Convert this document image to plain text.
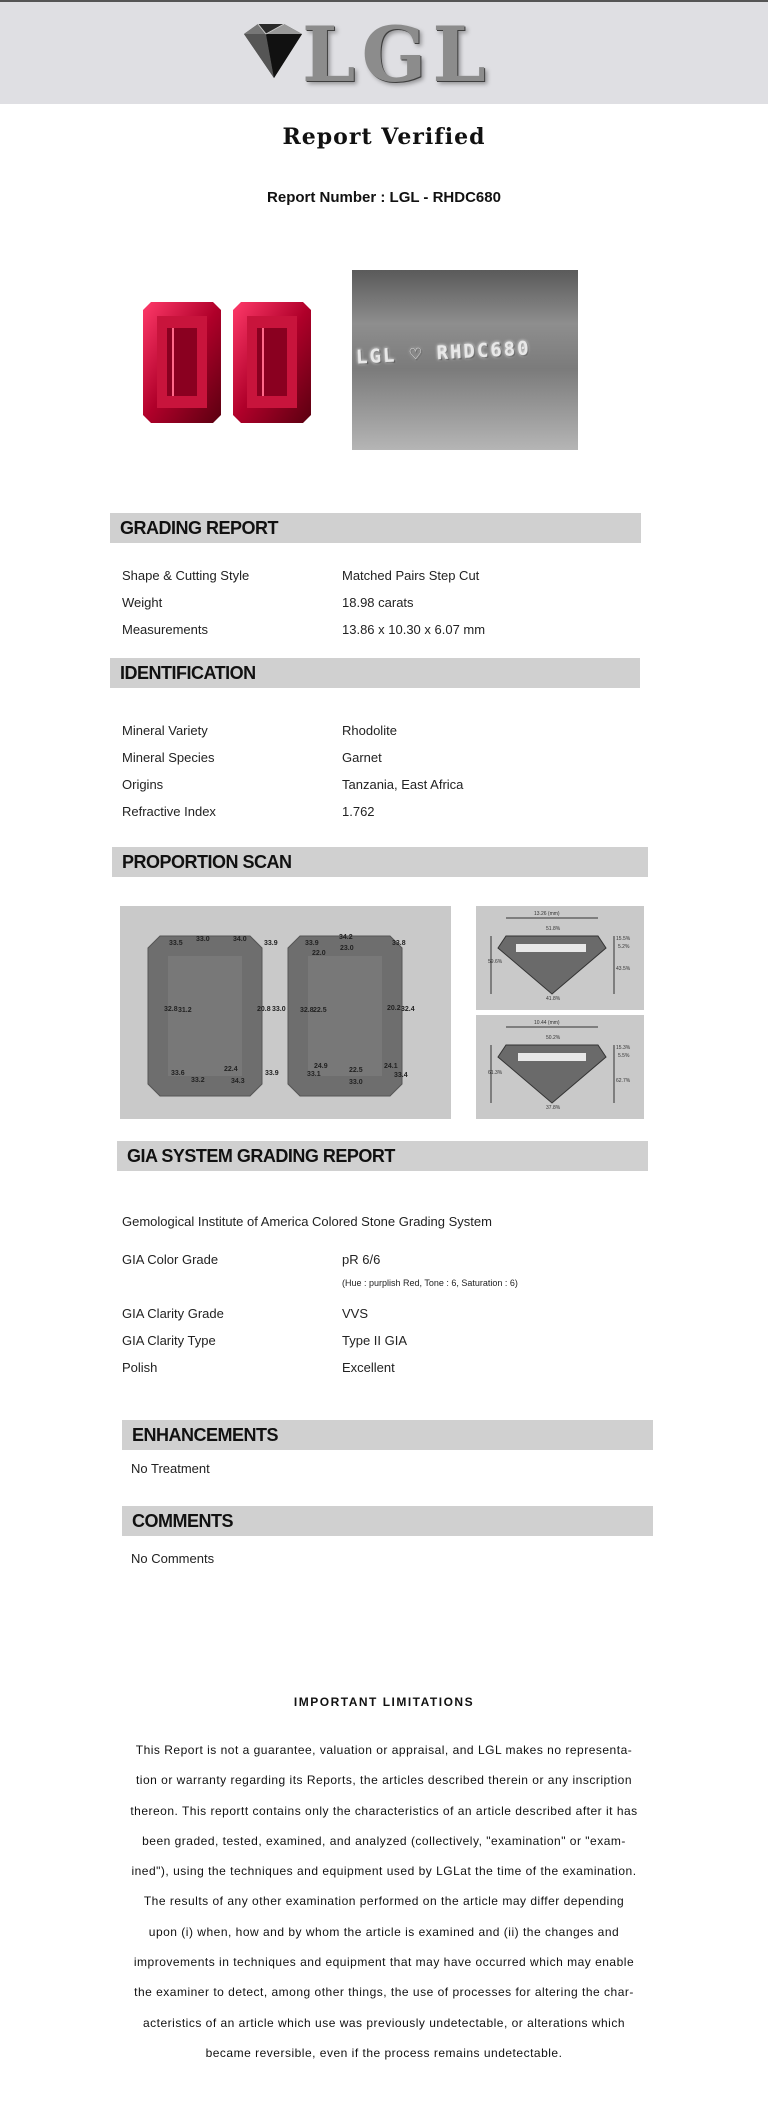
LGL
Report Verified
Report Number : LGL - RHDC680
LGL ♡ RHDC680
GRADING REPORT
Shape & Cutting Style	Matched Pairs Step Cut
Weight	18.98 carats
Measurements	13.86 x 10.30 x 6.07 mm
IDENTIFICATION
Mineral Variety	Rhodolite
Mineral Species	Garnet
Origins	Tanzania, East Africa
Refractive Index	1.762
PROPORTION SCAN
33.5
33.0	34.0
33.9
32.8 31.2	20.8 33.0
33.6
33.2
22.4
34.3
33.9
33.9
34.2
22.0
23.0
33.8
32.8 22.5	20.2 32.4
24.9
33.1
22.5
33.0
24.1
33.4
13.26 (mm)
51.8%
15.5%
5.2%
59.6%
43.5%
41.8%
10.44 (mm)
50.2%
15.3%
5.5%
61.3%
62.7%
37.8%
GIA SYSTEM GRADING REPORT
Gemological Institute of America Colored Stone Grading System
GIA Color Grade	pR 6/6
(Hue : purplish Red, Tone : 6, Saturation : 6)
GIA Clarity Grade	VVS
GIA Clarity Type	Type II GIA
Polish	Excellent
ENHANCEMENTS
No Treatment
COMMENTS
No Comments
IMPORTANT LIMITATIONS
This Report is not a guarantee, valuation or appraisal, and LGL makes no representa-
tion or warranty regarding its Reports, the articles described therein or any inscription
thereon. This reportt contains only the characteristics of an article described after it has
been graded, tested, examined, and analyzed (collectively, "examination" or "exam-
ined"), using the techniques and equipment used by LGLat the time of the examination.
The results of any other examination performed on the article may differ depending
upon (i) when, how and by whom the article is examined and (ii) the changes and
improvements in techniques and equipment that may have occurred which may enable
the examiner to detect, among other things, the use of processes for altering the char-
acteristics of an article which use was previously undetectable, or alterations which
became reversible, even if the process remains undetectable.
